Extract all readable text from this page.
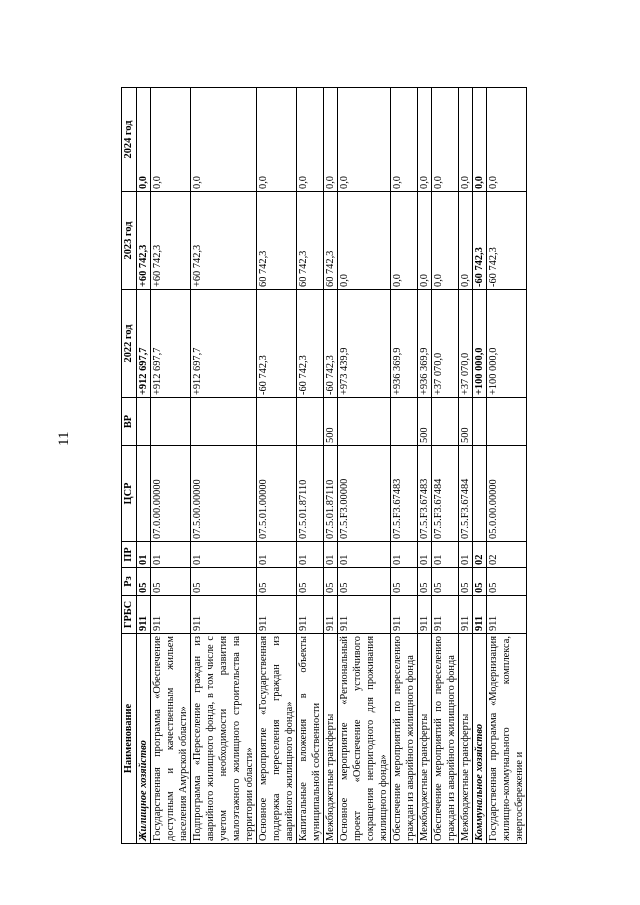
11
Наименование	ГРБС	Рз	ПР	ЦСР	ВР	2022 год	2023 год	2024 год
Жилищное хозяйство	911	05	01			+912 697,7	+60 742,3	0,0
Государственная программа «Обеспечение доступным и качественным жильем населения Амурской области»	911	05	01	07.0.00.00000		+912 697,7	+60 742,3	0,0
Подпрограмма «Переселение граждан из аварийного жилищного фонда, в том числе с учетом необходимости развития малоэтажного жилищного строительства на территории области»	911	05	01	07.5.00.00000		+912 697,7	+60 742,3	0,0
Основное мероприятие «Государственная поддержка переселения граждан из аварийного жилищного фонда»	911	05	01	07.5.01.00000		-60 742,3	60 742,3	0,0
Капитальные вложения в объекты муниципальной собственности	911	05	01	07.5.01.87110		-60 742,3	60 742,3	0,0
Межбюджетные трансферты	911	05	01	07.5.01.87110	500	-60 742,3	60 742,3	0,0
Основное мероприятие «Региональный проект «Обеспечение устойчивого сокращения непригодного для проживания жилищного фонда»	911	05	01	07.5.F3.00000		+973 439,9	0,0	0,0
Обеспечение мероприятий по переселению граждан из аварийного жилищного фонда	911	05	01	07.5.F3.67483		+936 369,9	0,0	0,0
Межбюджетные трансферты	911	05	01	07.5.F3.67483	500	+936 369,9	0,0	0,0
Обеспечение мероприятий по переселению граждан из аварийного жилищного фонда	911	05	01	07.5.F3.67484		+37 070,0	0,0	0,0
Межбюджетные трансферты	911	05	01	07.5.F3.67484	500	+37 070,0	0,0	0,0
Коммунальное хозяйство	911	05	02			+100 000,0	-60 742,3	0,0
Государственная программа «Модернизация жилищно-коммунального комплекса, энергосбережение и	911	05	02	05.0.00.00000		+100 000,0	-60 742,3	0,0
